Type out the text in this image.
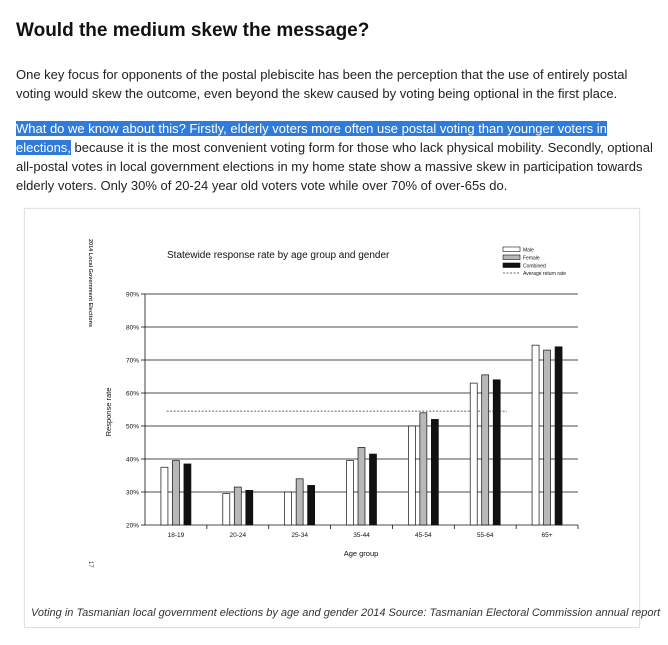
Would the medium skew the message?

One key focus for opponents of the postal plebiscite has been the perception that the use of entirely postal voting would skew the outcome, even beyond the skew caused by voting being optional in the first place.

What do we know about this? Firstly, elderly voters more often use postal voting than younger voters in elections, because it is the most convenient voting form for those who lack physical mobility. Secondly, optional all-postal votes in local government elections in my home state show a massive skew in participation towards elderly voters. Only 30% of 20-24 year old voters vote while over 70% of over-65s do.

2014 Local Government Elections
17
Statewide response rate by age group and gender
Response rate
Age group
20%
30%
40%
50%
60%
70%
80%
90%
18-19	20-24	25-34	35-44	45-54	55-64	65+
Male
Female
Combined
Average return rate
Voting in Tasmanian local government elections by age and gender 2014 Source: Tasmanian Electoral Commission annual report
